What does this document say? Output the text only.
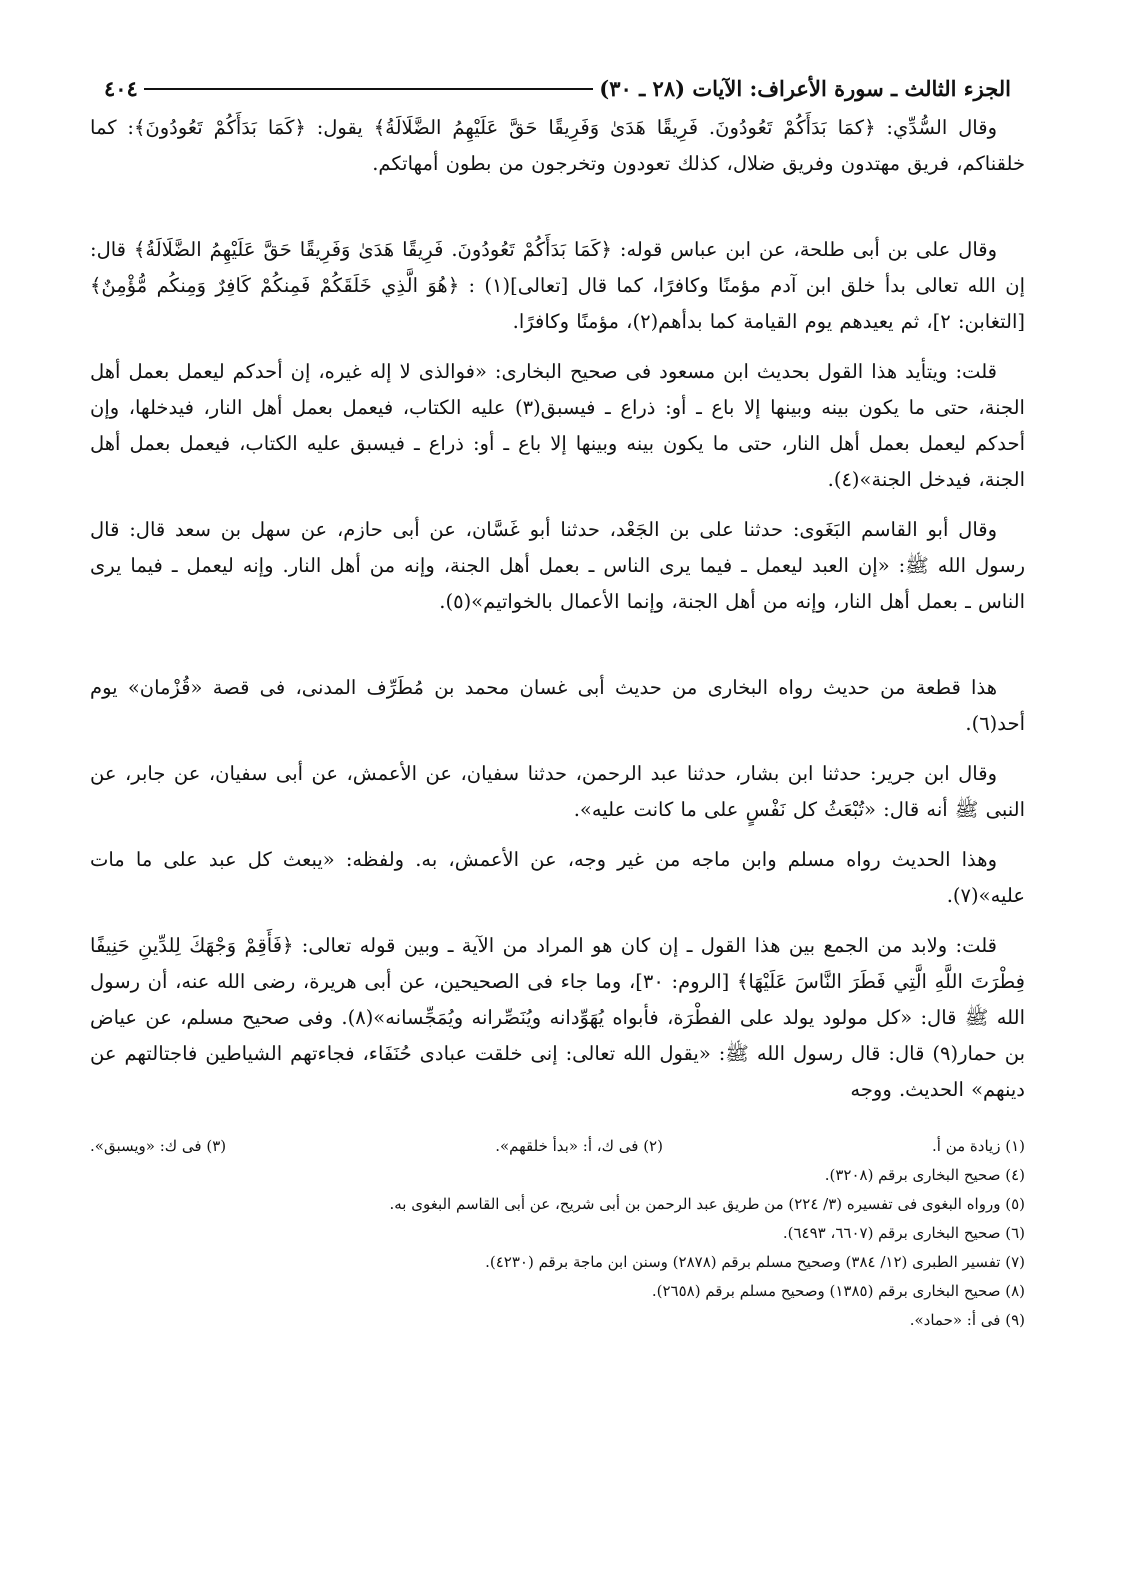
الجزء الثالث ـ سورة الأعراف: الآيات (٢٨ ـ ٣٠)
٤٠٤

وقال السُّدِّي: ﴿كمَا بَدَأَكُمْ تَعُودُونَ. فَرِيقًا هَدَىٰ وَفَرِيقًا حَقَّ عَلَيْهِمُ الضَّلَالَةُ﴾ يقول: ﴿كَمَا بَدَأَكُمْ تَعُودُونَ﴾: كما خلقناكم، فريق مهتدون وفريق ضلال، كذلك تعودون وتخرجون من بطون أمهاتكم.

وقال على بن أبى طلحة، عن ابن عباس قوله: ﴿كَمَا بَدَأَكُمْ تَعُودُونَ. فَرِيقًا هَدَىٰ وَفَرِيقًا حَقَّ عَلَيْهِمُ الضَّلَالَةُ﴾ قال: إن الله تعالى بدأ خلق ابن آدم مؤمنًا وكافرًا، كما قال [تعالى](١) : ﴿هُوَ الَّذِي خَلَقَكُمْ فَمِنكُمْ كَافِرٌ وَمِنكُم مُّؤْمِنٌ﴾ [التغابن: ٢]، ثم يعيدهم يوم القيامة كما بدأهم(٢)، مؤمنًا وكافرًا.

قلت: ويتأيد هذا القول بحديث ابن مسعود فى صحيح البخارى: «فوالذى لا إله غيره، إن أحدكم ليعمل بعمل أهل الجنة، حتى ما يكون بينه وبينها إلا باع ـ أو: ذراع ـ فيسبق(٣) عليه الكتاب، فيعمل بعمل أهل النار، فيدخلها، وإن أحدكم ليعمل بعمل أهل النار، حتى ما يكون بينه وبينها إلا باع ـ أو: ذراع ـ فيسبق عليه الكتاب، فيعمل بعمل أهل الجنة، فيدخل الجنة»(٤).

وقال أبو القاسم البَغَوى: حدثنا على بن الجَعْد، حدثنا أبو غَسَّان، عن أبى حازم، عن سهل بن سعد قال: قال رسول الله ﷺ: «إن العبد ليعمل ـ فيما يرى الناس ـ بعمل أهل الجنة، وإنه من أهل النار. وإنه ليعمل ـ فيما يرى الناس ـ بعمل أهل النار، وإنه من أهل الجنة، وإنما الأعمال بالخواتيم»(٥).

هذا قطعة من حديث رواه البخارى من حديث أبى غسان محمد بن مُطَرِّف المدنى، فى قصة «قُزْمان» يوم أحد(٦).

وقال ابن جرير: حدثنا ابن بشار، حدثنا عبد الرحمن، حدثنا سفيان، عن الأعمش، عن أبى سفيان، عن جابر، عن النبى ﷺ أنه قال: «تُبْعَثُ كل نَفْسٍ على ما كانت عليه».

وهذا الحديث رواه مسلم وابن ماجه من غير وجه، عن الأعمش، به. ولفظه: «يبعث كل عبد على ما مات عليه»(٧).

قلت: ولابد من الجمع بين هذا القول ـ إن كان هو المراد من الآية ـ وبين قوله تعالى: ﴿فَأَقِمْ وَجْهَكَ لِلدِّينِ حَنِيفًا فِطْرَتَ اللَّهِ الَّتِي فَطَرَ النَّاسَ عَلَيْهَا﴾ [الروم: ٣٠]، وما جاء فى الصحيحين، عن أبى هريرة، رضى الله عنه، أن رسول الله ﷺ قال: «كل مولود يولد على الفطْرَة، فأبواه يُهَوِّدانه ويُنَصِّرانه ويُمَجِّسانه»(٨). وفى صحيح مسلم، عن عياض بن حمار(٩) قال: قال رسول الله ﷺ: «يقول الله تعالى: إنى خلقت عبادى حُنَفَاء، فجاءتهم الشياطين فاجتالتهم عن دينهم» الحديث. ووجه

(١) زيادة من أ.
(٢) فى ك، أ: «بدأ خلقهم».
(٣) فى ك: «ويسبق».
(٤) صحيح البخارى برقم (٣٢٠٨).
(٥) ورواه البغوى فى تفسيره (٣/ ٢٢٤) من طريق عبد الرحمن بن أبى شريح، عن أبى القاسم البغوى به.
(٦) صحيح البخارى برقم (٦٦٠٧، ٦٤٩٣).
(٧) تفسير الطبرى (١٢/ ٣٨٤) وصحيح مسلم برقم (٢٨٧٨) وسنن ابن ماجة برقم (٤٢٣٠).
(٨) صحيح البخارى برقم (١٣٨٥) وصحيح مسلم برقم (٢٦٥٨).
(٩) فى أ: «حماد».
